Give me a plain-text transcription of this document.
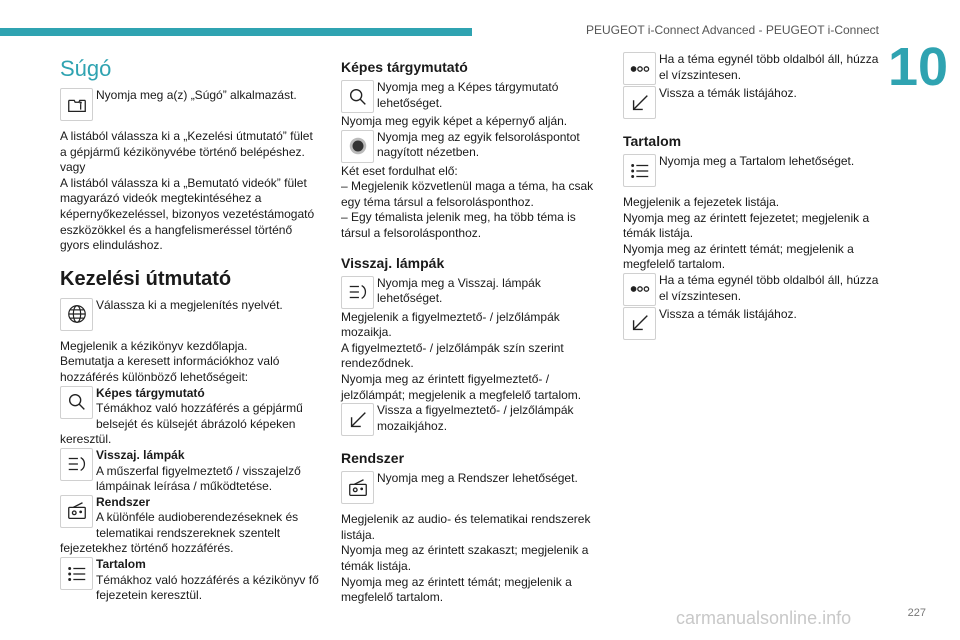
PEUGEOT i-Connect Advanced - PEUGEOT i-Connect
10
Súgó

Nyomja meg a(z) „Súgó” alkalmazást.

A listából válassza ki a „Kezelési útmutató” fület a gépjármű kézikönyvébe történő belépéshez.

vagy

A listából válassza ki a „Bemutató videók” fület magyarázó videók megtekintéséhez a képernyőkezeléssel, bizonyos vezetéstámogató eszközökkel és a hangfelismeréssel történő gyors elinduláshoz.

Kezelési útmutató

Válassza ki a megjelenítés nyelvét.

Megjelenik a kézikönyv kezdőlapja.

Bemutatja a keresett információkhoz való hozzáférés különböző lehetőségeit:

Képes tárgymutató

Témákhoz való hozzáférés a gépjármű belsejét és külsejét ábrázoló képeken keresztül.

Visszaj. lámpák

A műszerfal figyelmeztető / visszajelző lámpáinak leírása / működtetése.

Rendszer

A különféle audioberendezéseknek és telematikai rendszereknek szentelt fejezetekhez történő hozzáférés.

Tartalom

Témákhoz való hozzáférés a kézikönyv fő fejezetein keresztül.

Képes tárgymutató

Nyomja meg a Képes tárgymutató lehetőséget.

Nyomja meg egyik képet a képernyő alján.

Nyomja meg az egyik felsoroláspontot nagyított nézetben.

Két eset fordulhat elő:

– Megjelenik közvetlenül maga a téma, ha csak egy téma társul a felsorolásponthoz.

– Egy témalista jelenik meg, ha több téma is társul a felsorolásponthoz.

Visszaj. lámpák

Nyomja meg a Visszaj. lámpák lehetőséget.

Megjelenik a figyelmeztető- / jelzőlámpák mozaikja.

A figyelmeztető- / jelzőlámpák szín szerint rendeződnek.

Nyomja meg az érintett figyelmeztető- / jelzőlámpát; megjelenik a megfelelő tartalom.

Vissza a figyelmeztető- / jelzőlámpák mozaikjához.

Rendszer

Nyomja meg a Rendszer lehetőséget.

Megjelenik az audio- és telematikai rendszerek listája.

Nyomja meg az érintett szakaszt; megjelenik a témák listája.

Nyomja meg az érintett témát; megjelenik a megfelelő tartalom.

Ha a téma egynél több oldalból áll, húzza el vízszintesen.

Vissza a témák listájához.

Tartalom

Nyomja meg a Tartalom lehetőséget.

Megjelenik a fejezetek listája.

Nyomja meg az érintett fejezetet; megjelenik a témák listája.

Nyomja meg az érintett témát; megjelenik a megfelelő tartalom.

Ha a téma egynél több oldalból áll, húzza el vízszintesen.

Vissza a témák listájához.

carmanualsonline.info	227
